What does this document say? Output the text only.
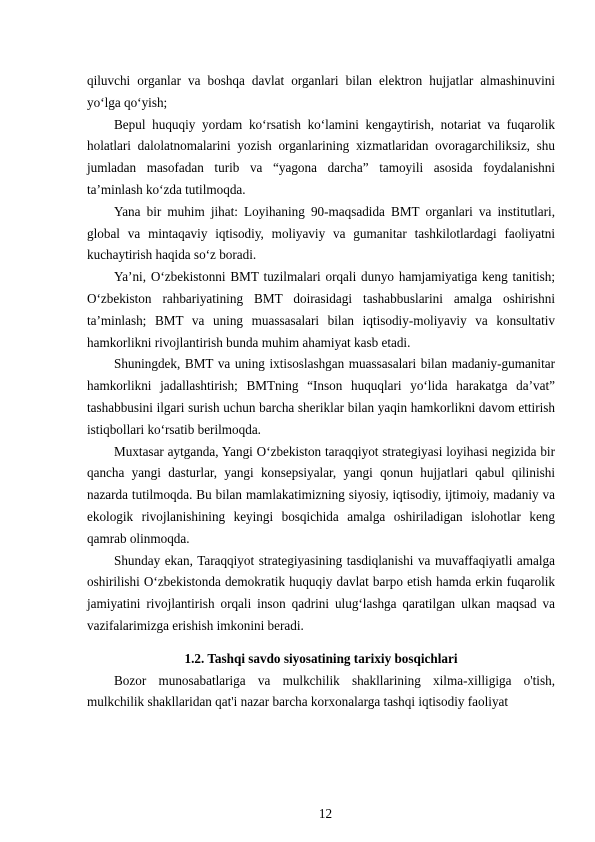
qiluvchi organlar va boshqa davlat organlari bilan elektron hujjatlar almashinuvini yo‘lga qo‘yish;

Bepul huquqiy yordam ko‘rsatish ko‘lamini kengaytirish, notariat va fuqarolik holatlari dalolatnomalarini yozish organlarining xizmatlaridan ovoragarchiliksiz, shu jumladan masofadan turib va “yagona darcha” tamoyili asosida foydalanishni ta’minlash ko‘zda tutilmoqda.

Yana bir muhim jihat: Loyihaning 90-maqsadida BMT organlari va institutlari, global va mintaqaviy iqtisodiy, moliyaviy va gumanitar tashkilotlardagi faoliyatni kuchaytirish haqida so‘z boradi.

Ya’ni, O‘zbekistonni BMT tuzilmalari orqali dunyo hamjamiyatiga keng tanitish; O‘zbekiston rahbariyatining BMT doirasidagi tashabbuslarini amalga oshirishni ta’minlash; BMT va uning muassasalari bilan iqtisodiy-moliyaviy va konsultativ hamkorlikni rivojlantirish bunda muhim ahamiyat kasb etadi.

Shuningdek, BMT va uning ixtisoslashgan muassasalari bilan madaniy-gumanitar hamkorlikni jadallashtirish; BMTning “Inson huquqlari yo‘lida harakatga da’vat” tashabbusini ilgari surish uchun barcha sheriklar bilan yaqin hamkorlikni davom ettirish istiqbollari ko‘rsatib berilmoqda.

Muxtasar aytganda, Yangi O‘zbekiston taraqqiyot strategiyasi loyihasi negizida bir qancha yangi dasturlar, yangi konsepsiyalar, yangi qonun hujjatlari qabul qilinishi nazarda tutilmoqda. Bu bilan mamlakatimizning siyosiy, iqtisodiy, ijtimoiy, madaniy va ekologik rivojlanishining keyingi bosqichida amalga oshiriladigan islohotlar keng qamrab olinmoqda.

Shunday ekan, Taraqqiyot strategiyasining tasdiqlanishi va muvaffaqiyatli amalga oshirilishi O‘zbekistonda demokratik huquqiy davlat barpo etish hamda erkin fuqarolik jamiyatini rivojlantirish orqali inson qadrini ulug‘lashga qaratilgan ulkan maqsad va vazifalarimizga erishish imkonini beradi.

1.2. Tashqi savdo siyosatining tarixiy bosqichlari

Bozor munosabatlariga va mulkchilik shakllarining xilma-xilligiga o'tish, mulkchilik shakllaridan qat'i nazar barcha korxonalarga tashqi iqtisodiy faoliyat

12
